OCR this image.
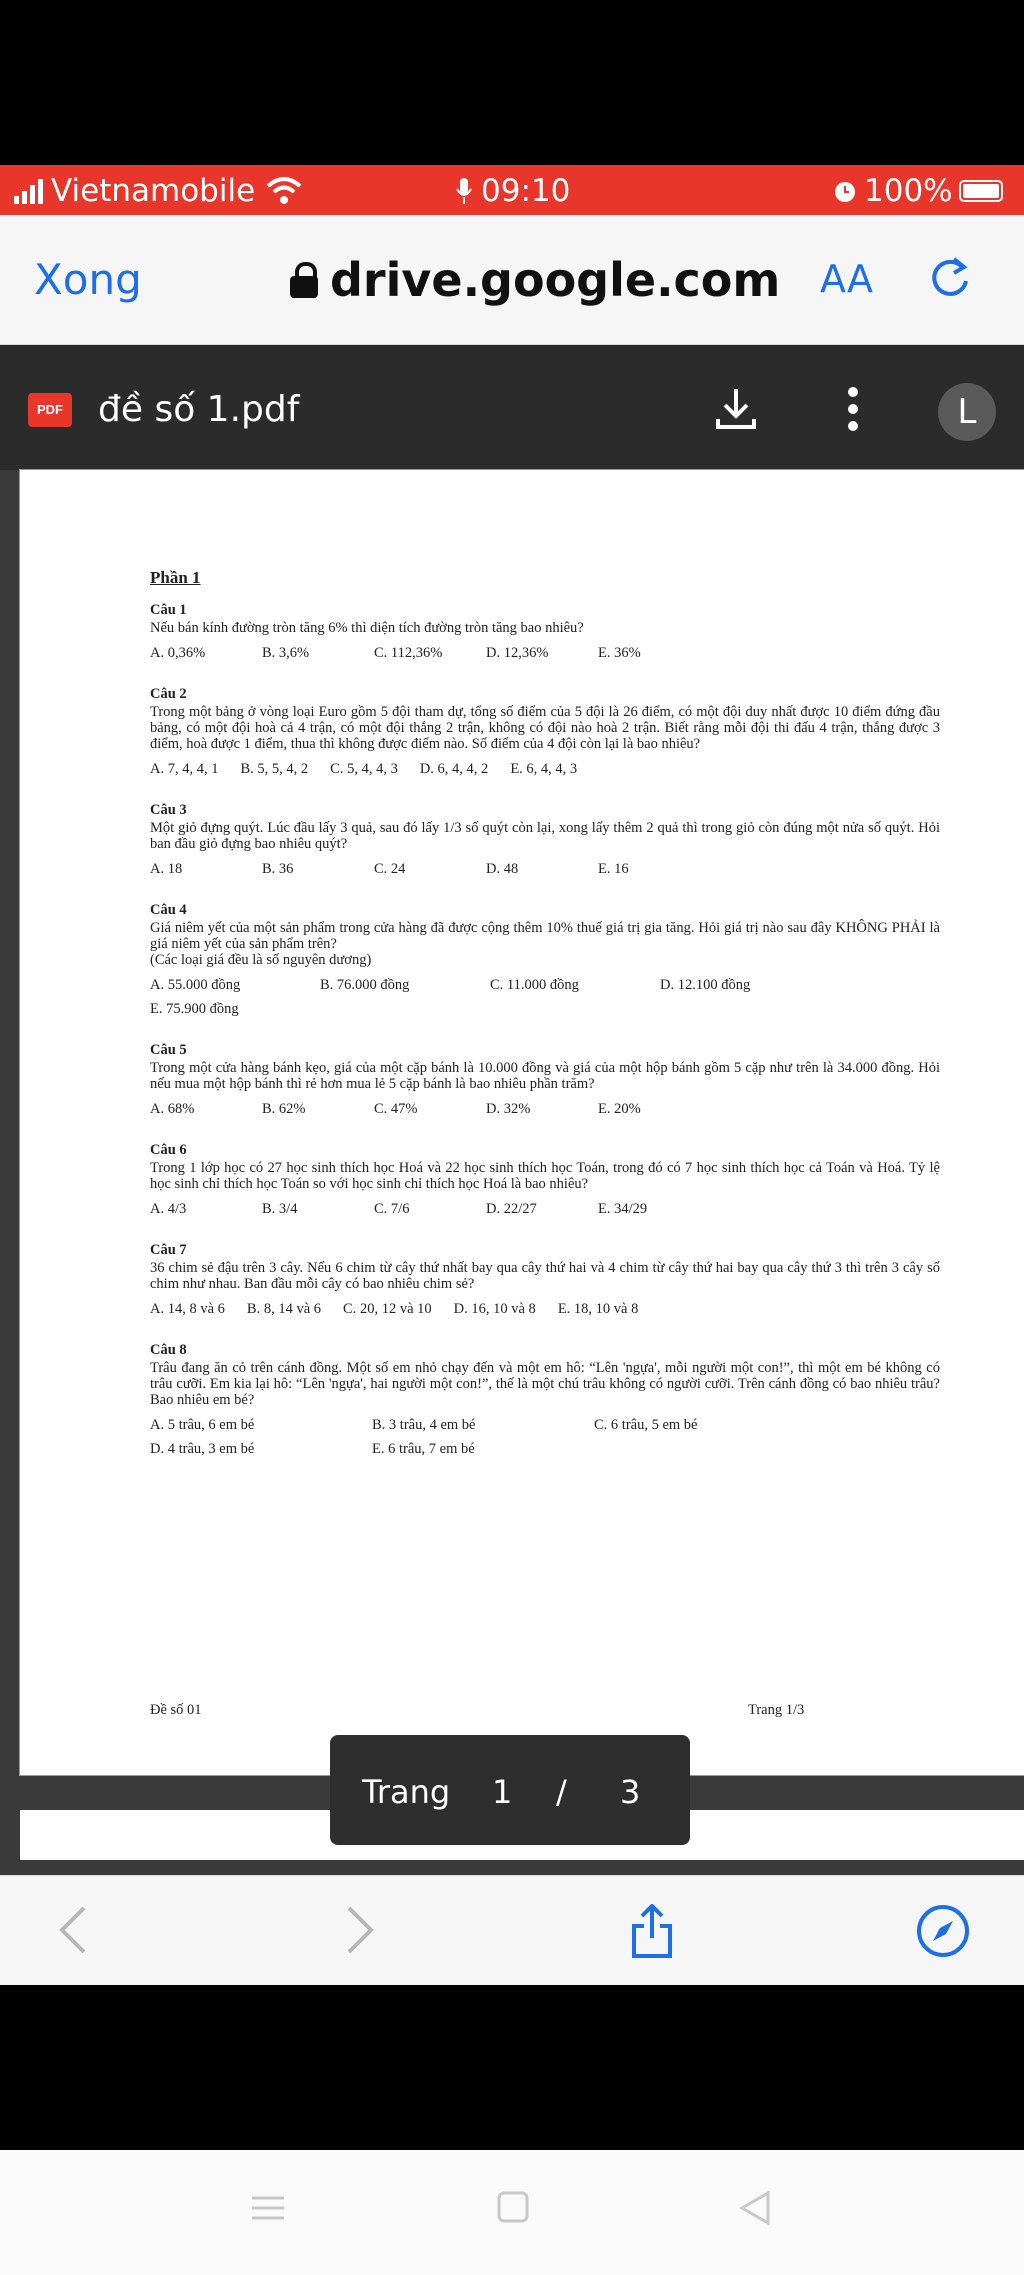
Vietnamobile	09:10	100%
Xong	drive.google.com AA
PDF đề số 1.pdf	L
Phần 1
Câu 1
Nếu bán kính đường tròn tăng 6% thì diện tích đường tròn tăng bao nhiêu?
A. 0,36%	B. 3,6%	C. 112,36%	D. 12,36%	E. 36%
Câu 2
Trong một bảng ở vòng loại Euro gồm 5 đội tham dự, tổng số điểm của 5 đội là 26 điểm, có một đội duy nhất được 10 điểm đứng đầu bảng, có một đội hoà cả 4 trận, có một đội thắng 2 trận, không có đội nào hoà 2 trận. Biết rằng mỗi đội thi đấu 4 trận, thắng được 3 điểm, hoà được 1 điểm, thua thì không được điểm nào. Số điểm của 4 đội còn lại là bao nhiêu?
A. 7, 4, 4, 1 B. 5, 5, 4, 2 C. 5, 4, 4, 3 D. 6, 4, 4, 2 E. 6, 4, 4, 3
Câu 3
Một giỏ đựng quýt. Lúc đầu lấy 3 quả, sau đó lấy 1/3 số quýt còn lại, xong lấy thêm 2 quả thì trong giỏ còn đúng một nửa số quýt. Hỏi ban đầu giỏ đựng bao nhiêu quýt?
A. 18	B. 36	C. 24	D. 48	E. 16
Câu 4
Giá niêm yết của một sản phẩm trong cửa hàng đã được cộng thêm 10% thuế giá trị gia tăng. Hỏi giá trị nào sau đây KHÔNG PHẢI là giá niêm yết của sản phẩm trên?
(Các loại giá đều là số nguyên dương)
A. 55.000 đồng	B. 76.000 đồng	C. 11.000 đồng	D. 12.100 đồng
E. 75.900 đồng
Câu 5
Trong một cửa hàng bánh kẹo, giá của một cặp bánh là 10.000 đồng và giá của một hộp bánh gồm 5 cặp như trên là 34.000 đồng. Hỏi nếu mua một hộp bánh thì rẻ hơn mua lẻ 5 cặp bánh là bao nhiêu phần trăm?
A. 68%	B. 62%	C. 47%	D. 32%	E. 20%
Câu 6
Trong 1 lớp học có 27 học sinh thích học Hoá và 22 học sinh thích học Toán, trong đó có 7 học sinh thích học cả Toán và Hoá. Tỷ lệ học sinh chỉ thích học Toán so với học sinh chỉ thích học Hoá là bao nhiêu?
A. 4/3	B. 3/4	C. 7/6	D. 22/27	E. 34/29
Câu 7
36 chim sẻ đậu trên 3 cây. Nếu 6 chim từ cây thứ nhất bay qua cây thứ hai và 4 chim từ cây thứ hai bay qua cây thứ 3 thì trên 3 cây số chim như nhau. Ban đầu mỗi cây có bao nhiêu chim sẻ?
A. 14, 8 và 6 B. 8, 14 và 6 C. 20, 12 và 10 D. 16, 10 và 8 E. 18, 10 và 8
Câu 8
Trâu đang ăn cỏ trên cánh đồng. Một số em nhỏ chạy đến và một em hô: “Lên 'ngựa', mỗi người một con!”, thì một em bé không có trâu cưỡi. Em kia lại hô: “Lên 'ngựa', hai người một con!”, thế là một chú trâu không có người cưỡi. Trên cánh đồng có bao nhiêu trâu? Bao nhiêu em bé?
A. 5 trâu, 6 em bé	B. 3 trâu, 4 em bé	C. 6 trâu, 5 em bé
D. 4 trâu, 3 em bé	E. 6 trâu, 7 em bé
Đề số 01	Trang 1/3
Trang 1 / 3
